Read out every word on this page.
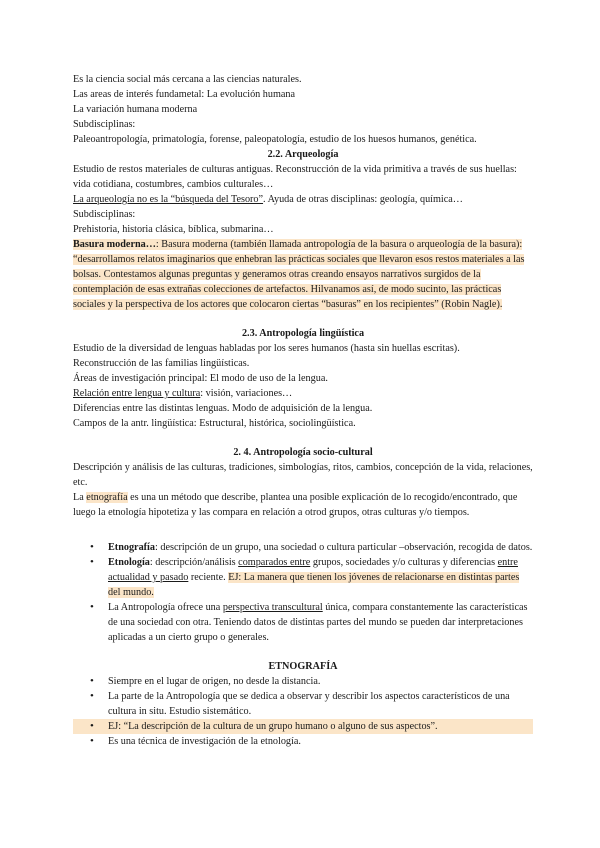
Es la ciencia social más cercana a las ciencias naturales.

Las areas de interés fundametal: La evolución humana

La variación humana moderna

Subdisciplinas:

Paleoantropología, primatología, forense, paleopatología, estudio de los huesos humanos, genética.

2.2. Arqueología

Estudio de restos materiales de culturas antiguas. Reconstrucción de la vida primitiva a través de sus huellas: vida cotidiana, costumbres, cambios culturales…

La arqueología no es la “búsqueda del Tesoro”. Ayuda de otras disciplinas: geología, química…

Subdisciplinas:

Prehistoria, historia clásica, bíblica, submarina…

Basura moderna…: Basura moderna (también llamada antropología de la basura o arqueología de la basura): “desarrollamos relatos imaginarios que enhebran las prácticas sociales que llevaron esos restos materiales a las bolsas. Contestamos algunas preguntas y generamos otras creando ensayos narrativos surgidos de la contemplación de esas extrañas colecciones de artefactos. Hilvanamos así, de modo sucinto, las prácticas sociales y la perspectiva de los actores que colocaron ciertas “basuras” en los recipientes” (Robin Nagle).

2.3. Antropología lingüística

Estudio de la diversidad de lenguas habladas por los seres humanos (hasta sin huellas escritas).

Reconstrucción de las familias lingüísticas.

Áreas de investigación principal: El modo de uso de la lengua.

Relación entre lengua y cultura: visión, variaciones…

Diferencias entre las distintas lenguas. Modo de adquisición de la lengua.

Campos de la antr. lingüística: Estructural, histórica, sociolingüística.

2. 4. Antropología socio-cultural

Descripción y análisis de las culturas, tradiciones, simbologías, ritos, cambios, concepción de la vida, relaciones, etc.

La etnografía es una un método que describe, plantea una posible explicación de lo recogido/encontrado, que luego la etnología hipotetiza y las compara en relación a otrod grupos, otras culturas y/o tiempos.

• Etnografía: descripción de un grupo, una sociedad o cultura particular –observación, recogida de datos.
• Etnología: descripción/análisis comparados entre grupos, sociedades y/o culturas y diferencias entre actualidad y pasado reciente. EJ: La manera que tienen los jóvenes de relacionarse en distintas partes del mundo.
• La Antropología ofrece una perspectiva transcultural única, compara constantemente las características de una sociedad con otra. Teniendo datos de distintas partes del mundo se pueden dar interpretaciones aplicadas a un cierto grupo o generales.

ETNOGRAFÍA

• Siempre en el lugar de origen, no desde la distancia.
• La parte de la Antropología que se dedica a observar y describir los aspectos característicos de una cultura in situ. Estudio sistemático.
• EJ: “La descripción de la cultura de un grupo humano o alguno de sus aspectos”.
• Es una técnica de investigación de la etnología.
